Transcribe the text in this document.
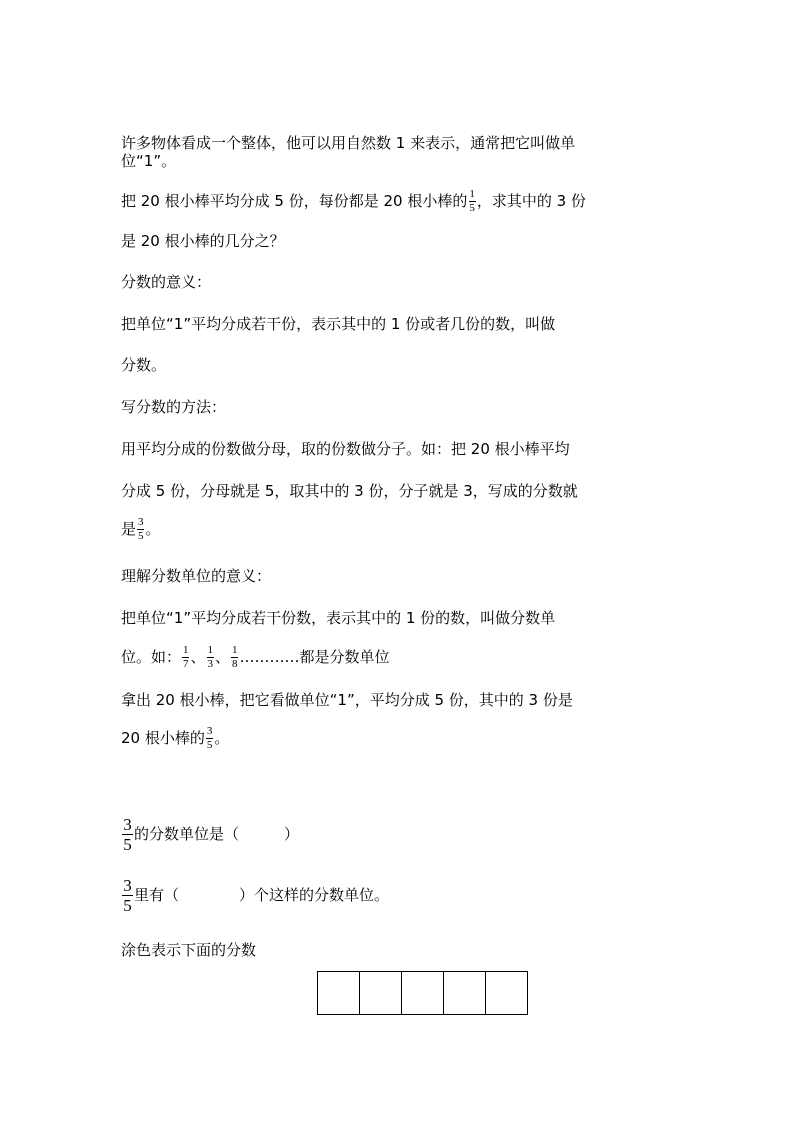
许多物体看成一个整体，他可以用自然数 1 来表示，通常把它叫做单
位“1”。
把 20 根小棒平均分成 5 份，每份都是 20 根小棒的 $\frac{1}{5}$ ，求其中的 3 份
是 20 根小棒的几分之？
分数的意义：
把单位“1”平均分成若干份，表示其中的 1 份或者几份的数，叫做
分数。
写分数的方法：
用平均分成的份数做分母，取的份数做分子。如：把 20 根小棒平均
分成 5 份，分母就是 5，取其中的 3 份，分子就是 3，写成的分数就
是 $\frac{3}{5}$ 。
理解分数单位的意义：
把单位“1”平均分成若干份数，表示其中的 1 份的数，叫做分数单
位。如： $\frac{1}{7}$ 、 $\frac{1}{3}$ 、 $\frac{1}{8}$ …………都是分数单位
拿出 20 根小棒，把它看做单位“1”，平均分成 5 份，其中的 3 份是
20 根小棒的 $\frac{3}{5}$ 。
$\frac{3}{5}$ 的分数单位是（　　　）
$\frac{3}{5}$ 里有（　　　　）个这样的分数单位。
涂色表示下面的分数
